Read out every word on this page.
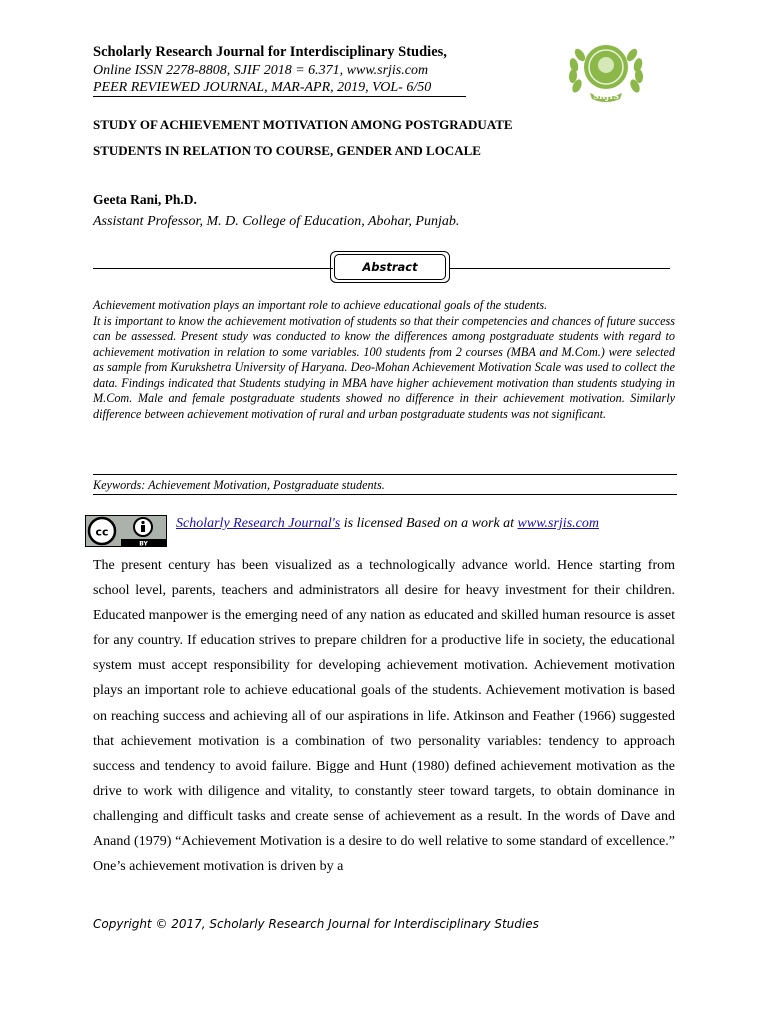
Scholarly Research Journal for Interdisciplinary Studies,
Online ISSN 2278-8808, SJIF 2018 = 6.371, www.srjis.com
PEER REVIEWED JOURNAL, MAR-APR, 2019, VOL- 6/50
SRJIS
STUDY OF ACHIEVEMENT MOTIVATION AMONG POSTGRADUATE
STUDENTS IN RELATION TO COURSE, GENDER AND LOCALE
Geeta Rani, Ph.D.
Assistant Professor, M. D. College of Education, Abohar, Punjab.
Abstract

Achievement motivation plays an important role to achieve educational goals of the students.

It is important to know the achievement motivation of students so that their competencies and chances of future success can be assessed. Present study was conducted to know the differences among postgraduate students with regard to achievement motivation in relation to some variables. 100 students from 2 courses (MBA and M.Com.) were selected as sample from Kurukshetra University of Haryana. Deo-Mohan Achievement Motivation Scale was used to collect the data. Findings indicated that Students studying in MBA have higher achievement motivation than students studying in M.Com. Male and female postgraduate students showed no difference in their achievement motivation. Similarly difference between achievement motivation of rural and urban postgraduate students was not significant.

Keywords: Achievement Motivation, Postgraduate students.
cc
BY
Scholarly Research Journal's is licensed Based on a work at www.srjis.com

The present century has been visualized as a technologically advance world. Hence starting from school level, parents, teachers and administrators all desire for heavy investment for their children. Educated manpower is the emerging need of any nation as educated and skilled human resource is asset for any country. If education strives to prepare children for a productive life in society, the educational system must accept responsibility for developing achievement motivation. Achievement motivation plays an important role to achieve educational goals of the students. Achievement motivation is based on reaching success and achieving all of our aspirations in life. Atkinson and Feather (1966) suggested that achievement motivation is a combination of two personality variables: tendency to approach success and tendency to avoid failure. Bigge and Hunt (1980) defined achievement motivation as the drive to work with diligence and vitality, to constantly steer toward targets, to obtain dominance in challenging and difficult tasks and create sense of achievement as a result. In the words of Dave and Anand (1979) “Achievement Motivation is a desire to do well relative to some standard of excellence.” One’s achievement motivation is driven by a

Copyright © 2017, Scholarly Research Journal for Interdisciplinary Studies
